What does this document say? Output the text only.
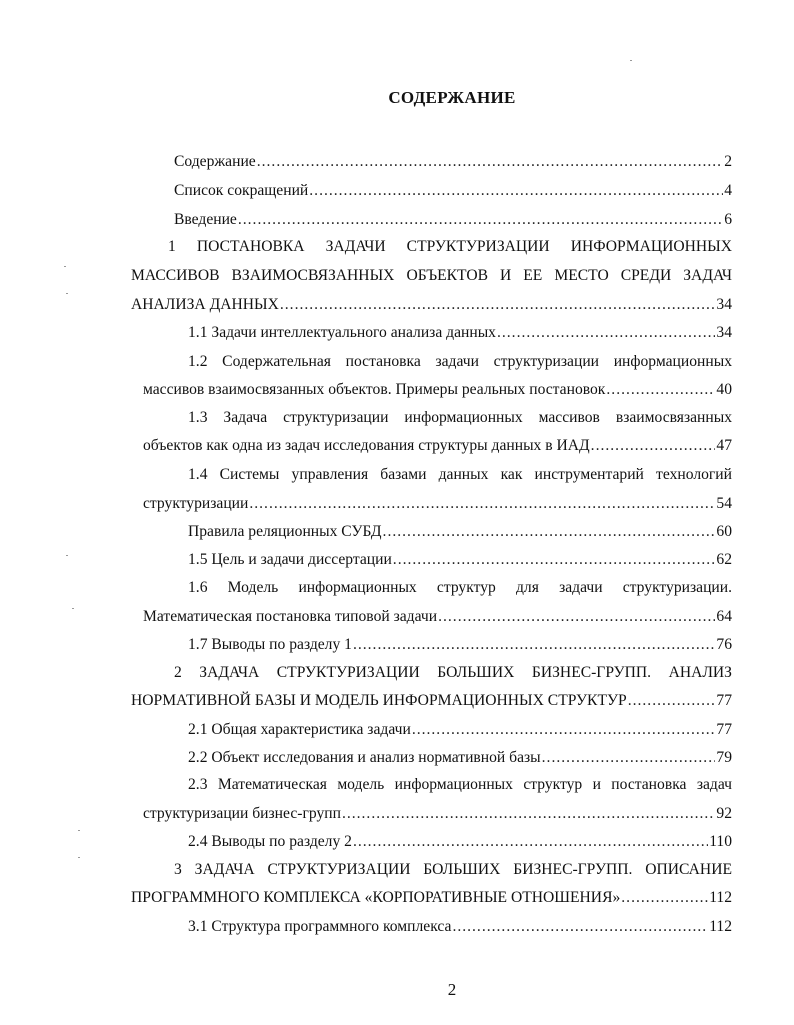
СОДЕРЖАНИЕ
Содержание .....	2
Список сокращений .....	4
Введение .....	6
1 ПОСТАНОВКА ЗАДАЧИ СТРУКТУРИЗАЦИИ ИНФОРМАЦИОННЫХ
МАССИВОВ ВЗАИМОСВЯЗАННЫХ ОБЪЕКТОВ И ЕЕ МЕСТО СРЕДИ ЗАДАЧ
АНАЛИЗА ДАННЫХ .....	34
1.1 Задачи интеллектуального анализа данных .....	34
1.2 Содержательная постановка задачи структуризации информационных
массивов взаимосвязанных объектов. Примеры реальных постановок .....	40
1.3 Задача структуризации информационных массивов взаимосвязанных
объектов как одна из задач исследования структуры данных в ИАД .....	47
1.4 Системы управления базами данных как инструментарий технологий
структуризации .....	54
Правила реляционных СУБД .....	60
1.5 Цель и задачи диссертации .....	62
1.6 Модель информационных структур для задачи структуризации.
Математическая постановка типовой задачи .....	64
1.7 Выводы по разделу 1 .....	76
2 ЗАДАЧА СТРУКТУРИЗАЦИИ БОЛЬШИХ БИЗНЕС-ГРУПП. АНАЛИЗ
НОРМАТИВНОЙ БАЗЫ И МОДЕЛЬ ИНФОРМАЦИОННЫХ СТРУКТУР .....	77
2.1 Общая характеристика задачи .....	77
2.2 Объект исследования и анализ нормативной базы .....	79
2.3 Математическая модель информационных структур и постановка задач
структуризации бизнес-групп .....	92
2.4 Выводы по разделу 2 .....	110
3 ЗАДАЧА СТРУКТУРИЗАЦИИ БОЛЬШИХ БИЗНЕС-ГРУПП. ОПИСАНИЕ
ПРОГРАММНОГО КОМПЛЕКСА «КОРПОРАТИВНЫЕ ОТНОШЕНИЯ» .....	112
3.1 Структура программного комплекса .....	112
2
